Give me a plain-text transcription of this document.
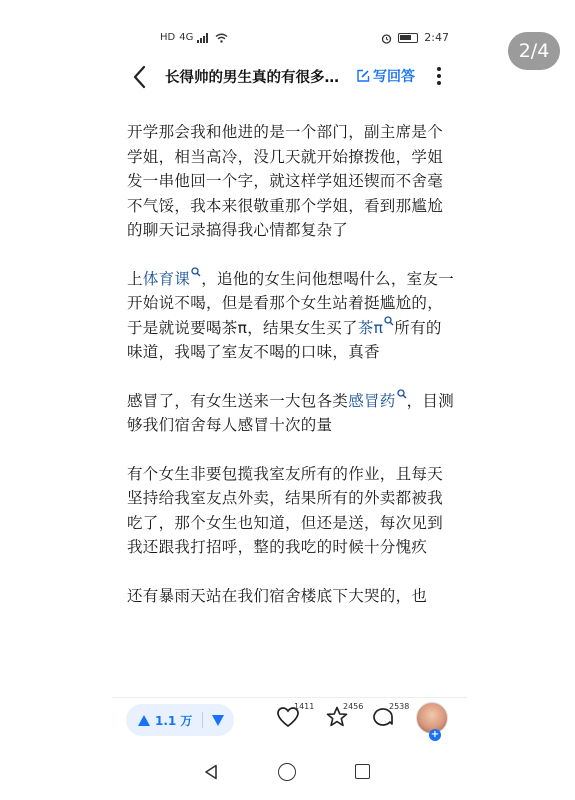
2/4
HD 4G	2:47
长得帅的男生真的有很多…	写回答

开学那会我和他进的是一个部门，副主席是个学姐，相当高冷，没几天就开始撩拨他，学姐发一串他回一个字，就这样学姐还锲而不舍毫不气馁，我本来很敬重那个学姐，看到那尴尬的聊天记录搞得我心情都复杂了

上体育课 ，追他的女生问他想喝什么，室友一开始说不喝，但是看那个女生站着挺尴尬的，于是就说要喝茶π，结果女生买了茶π 所有的味道，我喝了室友不喝的口味，真香

感冒了，有女生送来一大包各类感冒药 ，目测够我们宿舍每人感冒十次的量

有个女生非要包揽我室友所有的作业，且每天坚持给我室友点外卖，结果所有的外卖都被我吃了，那个女生也知道，但还是送，每次见到我还跟我打招呼，整的我吃的时候十分愧疚

还有暴雨天站在我们宿舍楼底下大哭的，也

1.1 万
1411	2456	2538
+
